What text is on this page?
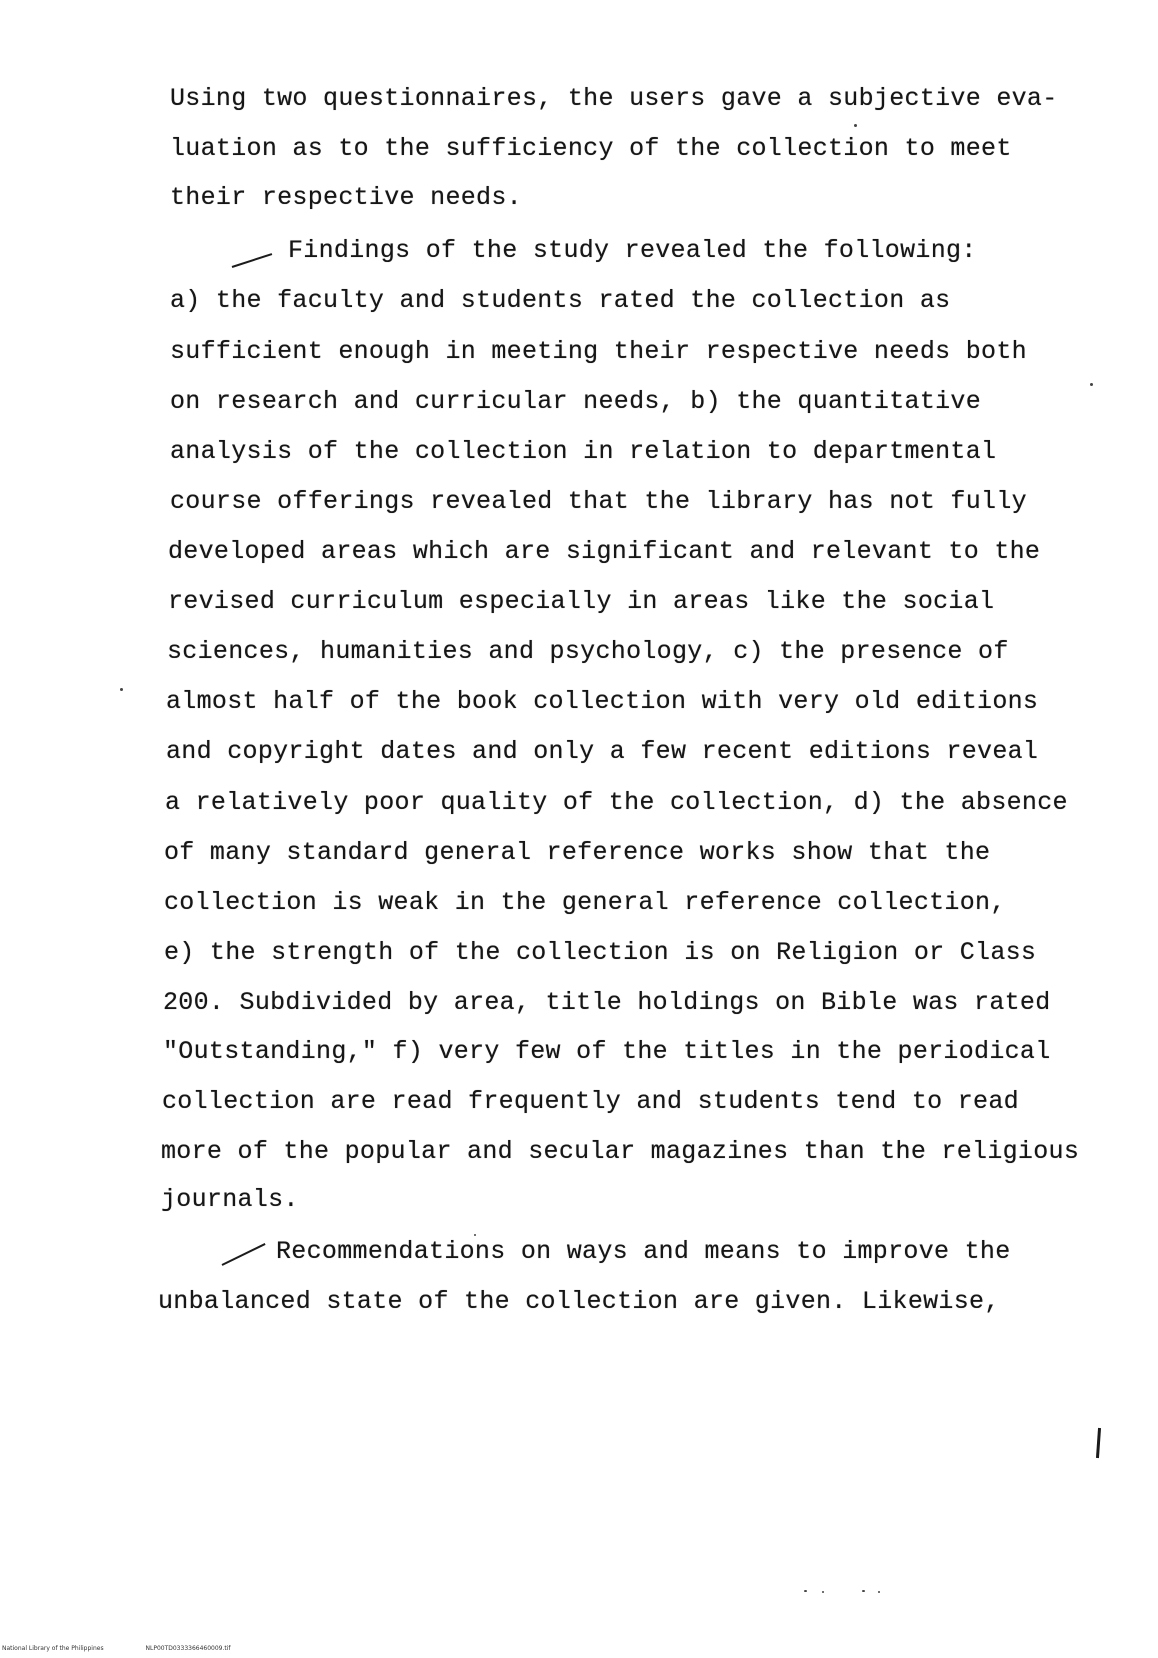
Using two questionnaires, the users gave a subjective eva-
luation as to the sufficiency of the collection to meet
their respective needs.
Findings of the study revealed the following:
a) the faculty and students rated the collection as
sufficient enough in meeting their respective needs both
on research and curricular needs, b) the quantitative
analysis of the collection in relation to departmental
course offerings revealed that the library has not fully
developed areas which are significant and relevant to the
revised curriculum especially in areas like the social
sciences, humanities and psychology, c) the presence of
almost half of the book collection with very old editions
and copyright dates and only a few recent editions reveal
a relatively poor quality of the collection, d) the absence
of many standard general reference works show that the
collection is weak in the general reference collection,
e) the strength of the collection is on Religion or Class
200. Subdivided by area, title holdings on Bible was rated
"Outstanding," f) very few of the titles in the periodical
collection are read frequently and students tend to read
more of the popular and secular magazines than the religious
journals.
Recommendations on ways and means to improve the
unbalanced state of the collection are given. Likewise,
National Library of the Philippines	NLP00TD0333366460009.tif
